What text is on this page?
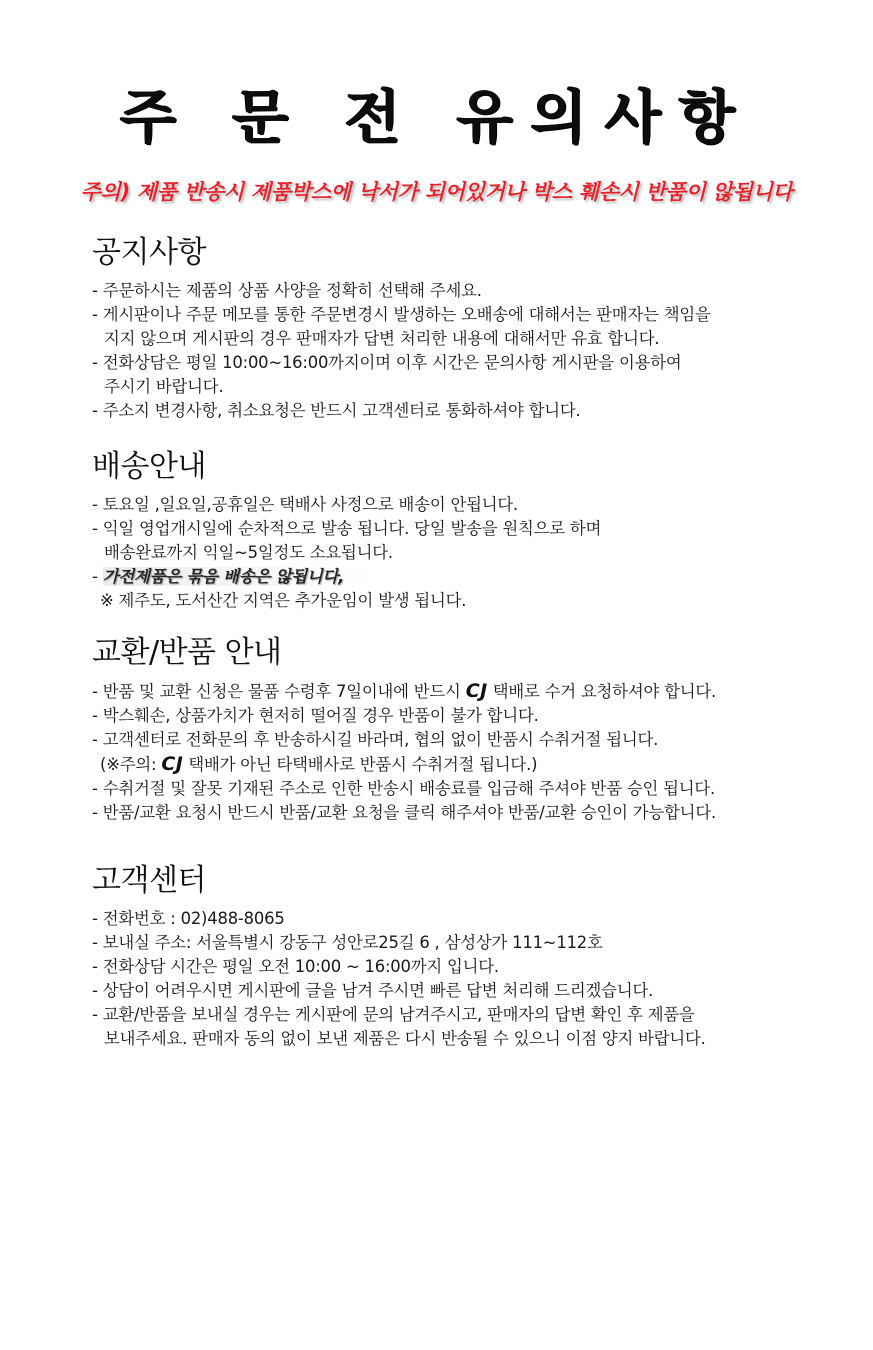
주 문 전 유의사항
주의) 제품 반송시 제품박스에 낙서가 되어있거나 박스 훼손시 반품이 않됩니다
공지사항
- 주문하시는 제품의 상품 사양을 정확히 선택해 주세요.
- 게시판이나 주문 메모를 통한 주문변경시 발생하는 오배송에 대해서는 판매자는 책임을
지지 않으며 게시판의 경우 판매자가 답변 처리한 내용에 대해서만 유효 합니다.
- 전화상담은 평일 10:00~16:00까지이며 이후 시간은 문의사항 게시판을 이용하여
주시기 바랍니다.
- 주소지 변경사항, 취소요청은 반드시 고객센터로 통화하셔야 합니다.
배송안내
- 토요일 ,일요일,공휴일은 택배사 사정으로 배송이 안됩니다.
- 익일 영업개시일에 순차적으로 발송 됩니다. 당일 발송을 원칙으로 하며
배송완료까지 익일~5일정도 소요됩니다.
- 가전제품은 묶음 배송은 않됩니다,
※ 제주도, 도서산간 지역은 추가운임이 발생 됩니다.
교환/반품 안내
- 반품 및 교환 신청은 물품 수령후 7일이내에 반드시 CJ 택배로 수거 요청하셔야 합니다.
- 박스훼손, 상품가치가 현저히 떨어질 경우 반품이 불가 합니다.
- 고객센터로 전화문의 후 반송하시길 바라며, 협의 없이 반품시 수취거절 됩니다.
(※주의: CJ 택배가 아닌 타택배사로 반품시 수취거절 됩니다.)
- 수취거절 및 잘못 기재된 주소로 인한 반송시 배송료를 입금해 주셔야 반품 승인 됩니다.
- 반품/교환 요청시 반드시 반품/교환 요청을 클릭 해주셔야 반품/교환 승인이 가능합니다.
고객센터
- 전화번호 : 02)488-8065
- 보내실 주소: 서울특별시 강동구 성안로25길 6 , 삼성상가 111~112호
- 전화상담 시간은 평일 오전 10:00 ~ 16:00까지 입니다.
- 상담이 어려우시면 게시판에 글을 남겨 주시면 빠른 답변 처리해 드리겠습니다.
- 교환/반품을 보내실 경우는 게시판에 문의 남겨주시고, 판매자의 답변 확인 후 제품을
보내주세요. 판매자 동의 없이 보낸 제품은 다시 반송될 수 있으니 이점 양지 바랍니다.
